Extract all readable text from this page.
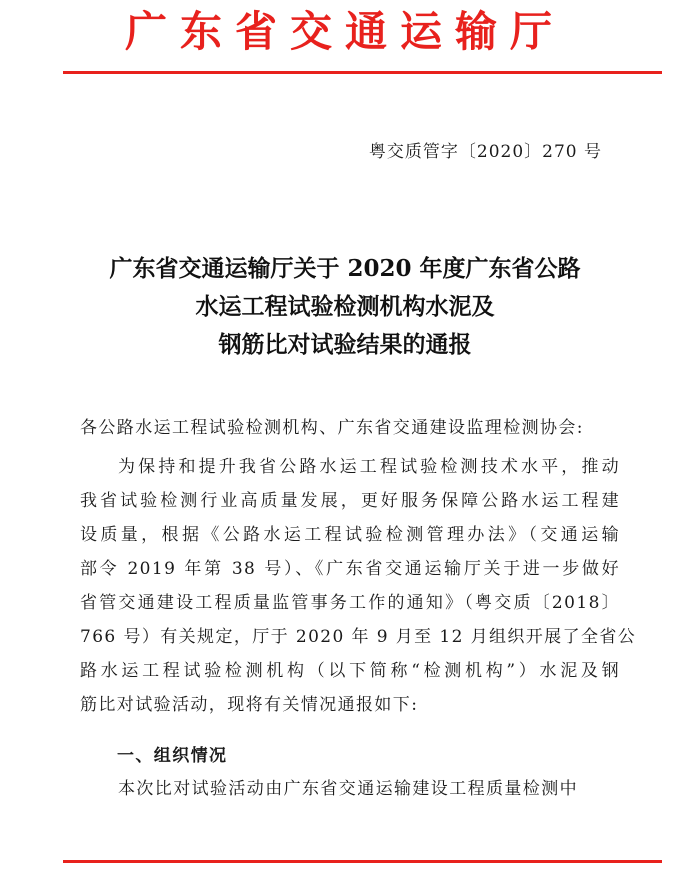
广东省交通运输厅
粤交质管字〔2020〕270 号
广东省交通运输厅关于 2020 年度广东省公路
水运工程试验检测机构水泥及
钢筋比对试验结果的通报
各公路水运工程试验检测机构、广东省交通建设监理检测协会:
为保持和提升我省公路水运工程试验检测技术水平，推动
我省试验检测行业高质量发展，更好服务保障公路水运工程建
设质量，根据《公路水运工程试验检测管理办法》（交通运输
部令 2019 年第 38 号）、《广东省交通运输厅关于进一步做好
省管交通建设工程质量监管事务工作的通知》（粤交质〔2018〕
766 号）有关规定，厅于 2020 年 9 月至 12 月组织开展了全省公
路水运工程试验检测机构（以下简称“检测机构”）水泥及钢
筋比对试验活动，现将有关情况通报如下:
一、组织情况
本次比对试验活动由广东省交通运输建设工程质量检测中
